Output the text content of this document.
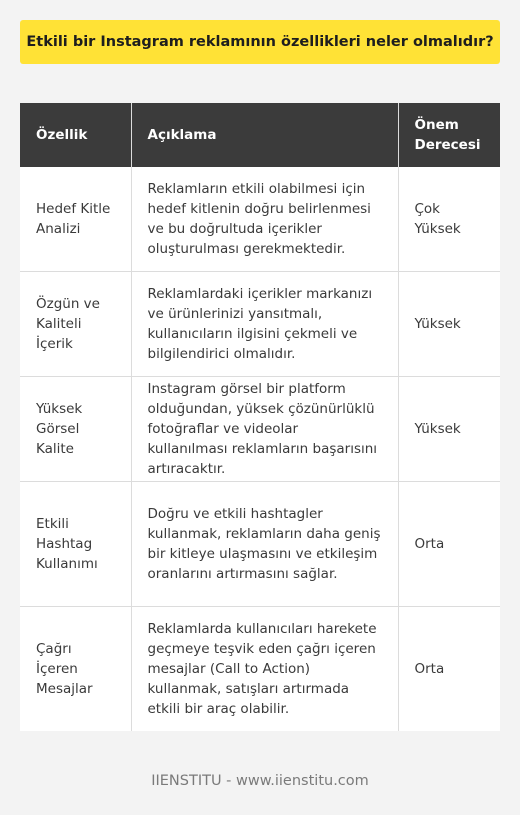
Etkili bir Instagram reklamının özellikleri neler olmalıdır?
Özellik	Açıklama	Önem Derecesi
Hedef Kitle Analizi	Reklamların etkili olabilmesi için hedef kitlenin doğru belirlenmesi ve bu doğrultuda içerikler oluşturulması gerekmektedir.	Çok Yüksek
Özgün ve Kaliteli İçerik	Reklamlardaki içerikler markanızı ve ürünlerinizi yansıtmalı, kullanıcıların ilgisini çekmeli ve bilgilendirici olmalıdır.	Yüksek
Yüksek Görsel Kalite	Instagram görsel bir platform olduğundan, yüksek çözünürlüklü fotoğraflar ve videolar kullanılması reklamların başarısını artıracaktır.	Yüksek
Etkili Hashtag Kullanımı	Doğru ve etkili hashtagler kullanmak, reklamların daha geniş bir kitleye ulaşmasını ve etkileşim oranlarını artırmasını sağlar.	Orta
Çağrı İçeren Mesajlar	Reklamlarda kullanıcıları harekete geçmeye teşvik eden çağrı içeren mesajlar (Call to Action) kullanmak, satışları artırmada etkili bir araç olabilir.	Orta
IIENSTITU - www.iienstitu.com
